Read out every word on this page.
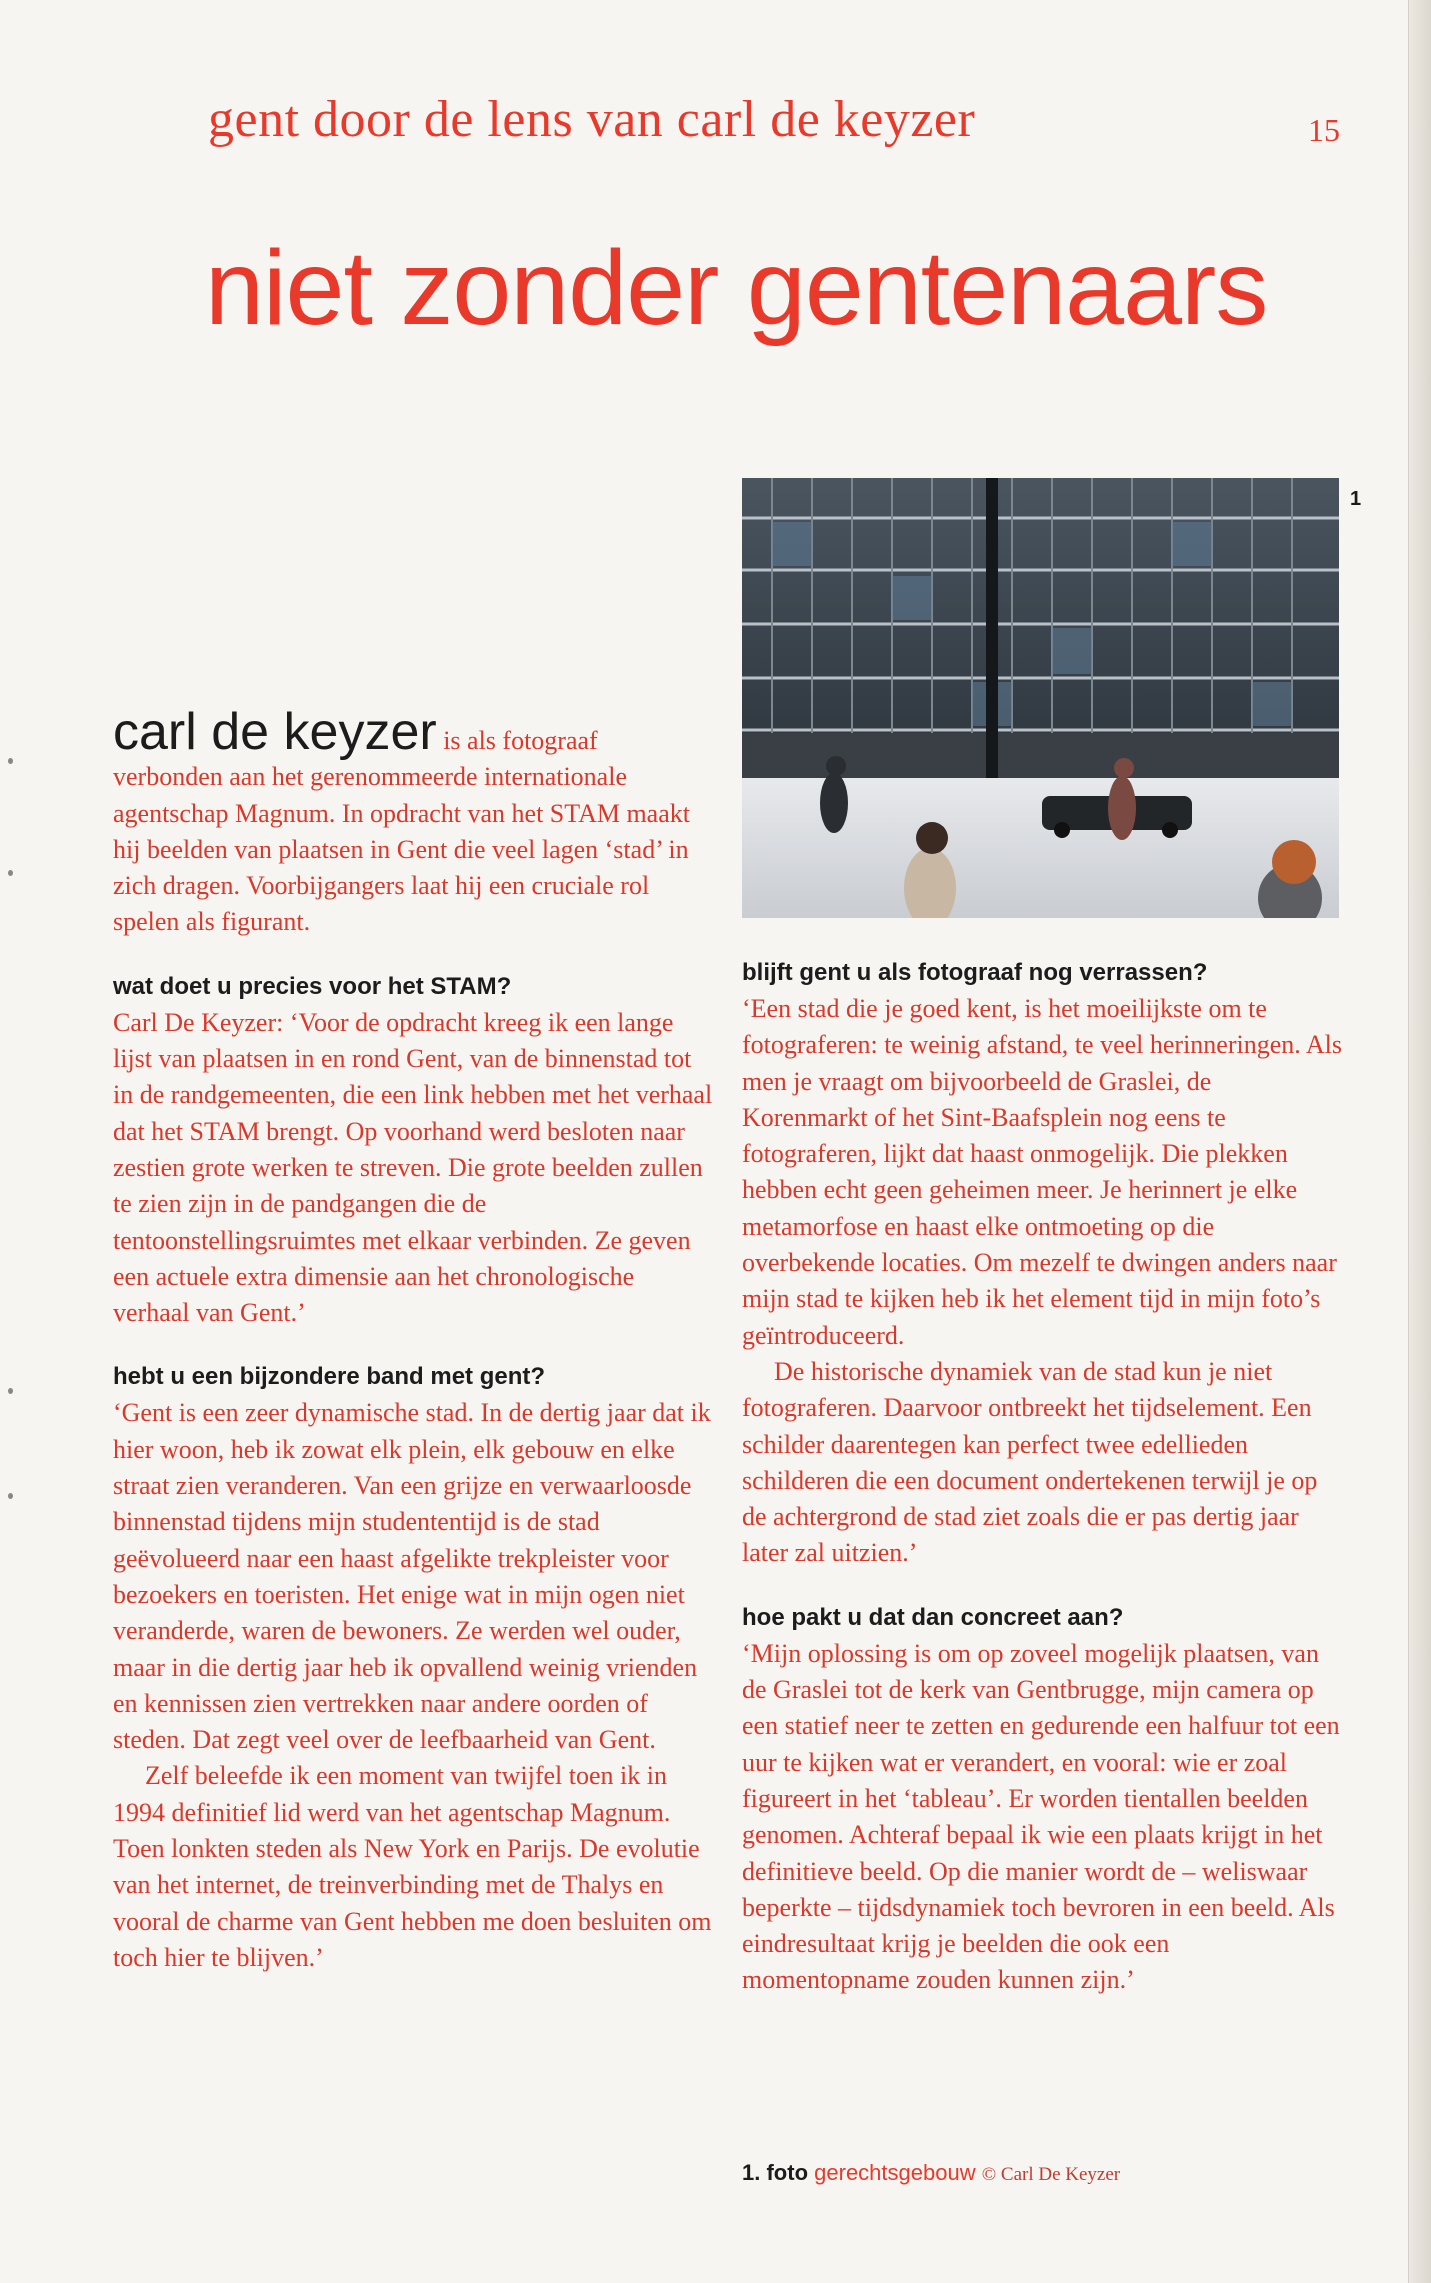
gent door de lens van carl de keyzer	15
niet zonder gentenaars
1

carl de keyzer is als fotograaf verbonden aan het gerenommeerde internationale agentschap Magnum. In opdracht van het STAM maakt hij beelden van plaatsen in Gent die veel lagen ‘stad’ in zich dragen. Voorbijgangers laat hij een cruciale rol spelen als figurant.

wat doet u precies voor het STAM?

Carl De Keyzer: ‘Voor de opdracht kreeg ik een lange lijst van plaatsen in en rond Gent, van de binnenstad tot in de randgemeenten, die een link hebben met het verhaal dat het STAM brengt. Op voorhand werd besloten naar zestien grote werken te streven. Die grote beelden zullen te zien zijn in de pandgangen die de tentoonstellingsruimtes met elkaar verbinden. Ze geven een actuele extra dimensie aan het chronologische verhaal van Gent.’

hebt u een bijzondere band met gent?

‘Gent is een zeer dynamische stad. In de dertig jaar dat ik hier woon, heb ik zowat elk plein, elk gebouw en elke straat zien veranderen. Van een grijze en verwaarloosde binnenstad tijdens mijn studententijd is de stad geëvolueerd naar een haast afgelikte trekpleister voor bezoekers en toeristen. Het enige wat in mijn ogen niet veranderde, waren de bewoners. Ze werden wel ouder, maar in die dertig jaar heb ik opvallend weinig vrienden en kennissen zien vertrekken naar andere oorden of steden. Dat zegt veel over de leefbaarheid van Gent.

Zelf beleefde ik een moment van twijfel toen ik in 1994 definitief lid werd van het agentschap Magnum. Toen lonkten steden als New York en Parijs. De evolutie van het internet, de treinverbinding met de Thalys en vooral de charme van Gent hebben me doen besluiten om toch hier te blijven.’

blijft gent u als fotograaf nog verrassen?

‘Een stad die je goed kent, is het moeilijkste om te fotograferen: te weinig afstand, te veel herinneringen. Als men je vraagt om bijvoorbeeld de Graslei, de Korenmarkt of het Sint-Baafsplein nog eens te fotograferen, lijkt dat haast onmogelijk. Die plekken hebben echt geen geheimen meer. Je herinnert je elke metamorfose en haast elke ontmoeting op die overbekende locaties. Om mezelf te dwingen anders naar mijn stad te kijken heb ik het element tijd in mijn foto’s geïntroduceerd.

De historische dynamiek van de stad kun je niet fotograferen. Daarvoor ontbreekt het tijdselement. Een schilder daarentegen kan perfect twee edellieden schilderen die een document ondertekenen terwijl je op de achtergrond de stad ziet zoals die er pas dertig jaar later zal uitzien.’

hoe pakt u dat dan concreet aan?

‘Mijn oplossing is om op zoveel mogelijk plaatsen, van de Graslei tot de kerk van Gentbrugge, mijn camera op een statief neer te zetten en gedurende een halfuur tot een uur te kijken wat er verandert, en vooral: wie er zoal figureert in het ‘tableau’. Er worden tientallen beelden genomen. Achteraf bepaal ik wie een plaats krijgt in het definitieve beeld. Op die manier wordt de – weliswaar beperkte – tijdsdynamiek toch bevroren in een beeld. Als eindresultaat krijg je beelden die ook een momentopname zouden kunnen zijn.’

1. foto gerechtsgebouw © Carl De Keyzer
